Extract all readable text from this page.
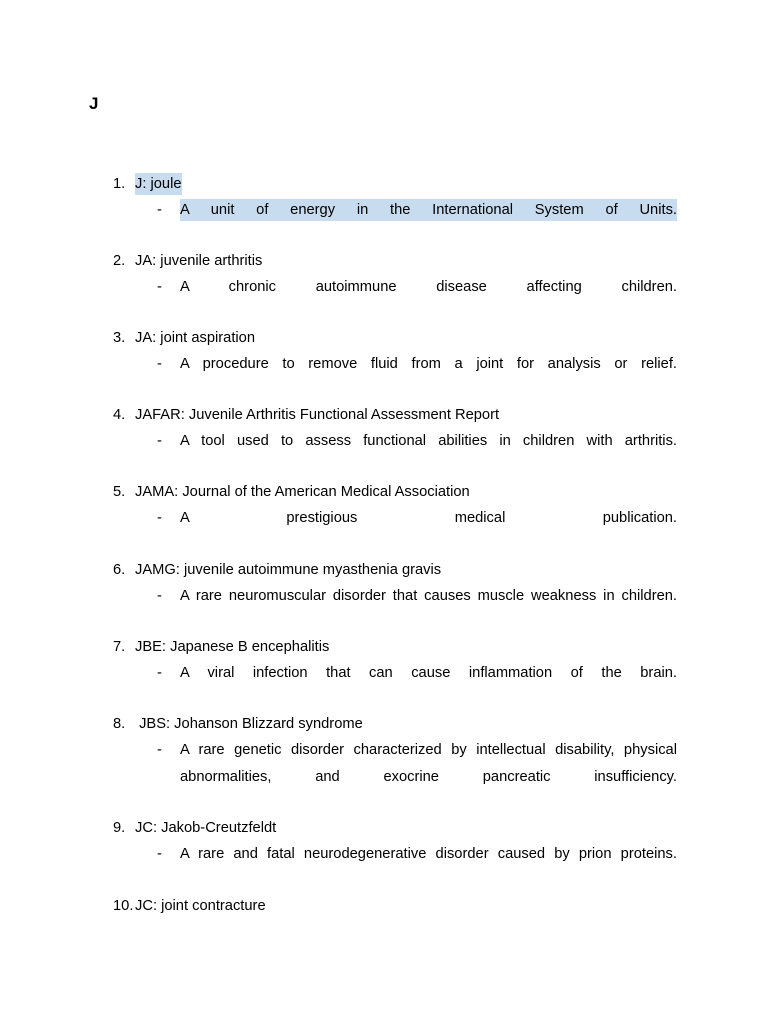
J
1. J: joule
- A unit of energy in the International System of Units.
2. JA: juvenile arthritis
- A chronic autoimmune disease affecting children.
3. JA: joint aspiration
- A procedure to remove fluid from a joint for analysis or relief.
4. JAFAR: Juvenile Arthritis Functional Assessment Report
- A tool used to assess functional abilities in children with arthritis.
5. JAMA: Journal of the American Medical Association
- A prestigious medical publication.
6. JAMG: juvenile autoimmune myasthenia gravis
- A rare neuromuscular disorder that causes muscle weakness in children.
7. JBE: Japanese B encephalitis
- A viral infection that can cause inflammation of the brain.
8. JBS: Johanson Blizzard syndrome
- A rare genetic disorder characterized by intellectual disability, physical abnormalities, and exocrine pancreatic insufficiency.
9. JC: Jakob-Creutzfeldt
- A rare and fatal neurodegenerative disorder caused by prion proteins.
10. JC: joint contracture
